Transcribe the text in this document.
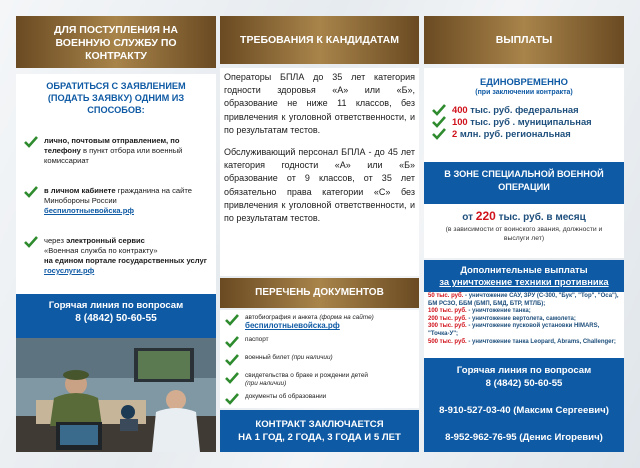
ДЛЯ ПОСТУПЛЕНИЯ НА ВОЕННУЮ СЛУЖБУ ПО КОНТРАКТУ
ОБРАТИТЬСЯ С ЗАЯВЛЕНИЕМ (ПОДАТЬ ЗАЯВКУ) ОДНИМ ИЗ СПОСОБОВ:
лично, почтовым отправлением, по телефону в пункт отбора или военный комиссариат
в личном кабинете гражданина на сайте Минобороны России
беспилотныевойска.рф
через электронный сервис
«Военная служба по контракту»
на едином портале государственных услуг госуслуги.рф
Горячая линия по вопросам
8 (4842) 50-60-55
ТРЕБОВАНИЯ К КАНДИДАТАМ

Операторы БПЛА до 35 лет категория годности здоровья «А» или «Б», образование не ниже 11 классов, без привлечения к уголовной ответственности, и по результатам тестов.

Обслуживающий персонал БПЛА - до 45 лет категория годности «А» или «Б» образование от 9 классов, от 35 лет обязательно права категории «С» без привлечения к уголовной ответственности, и по результатам тестов.

ПЕРЕЧЕНЬ ДОКУМЕНТОВ
автобиография и анкета (форма на сайте)
беспилотныевойска.рф
паспорт
военный билет (при наличии)
свидетельства о браке и рождении детей
(при наличии)
документы об образовании
КОНТРАКТ ЗАКЛЮЧАЕТСЯ
НА 1 ГОД, 2 ГОДА, 3 ГОДА И 5 ЛЕТ
ВЫПЛАТЫ
ЕДИНОВРЕМЕННО
(при заключении контракта)
400 тыс. руб. федеральная
100 тыс. руб . муниципальная
2 млн. руб. региональная
В ЗОНЕ СПЕЦИАЛЬНОЙ ВОЕННОЙ ОПЕРАЦИИ
от 220 тыс. руб. в месяц
(в зависимости от воинского звания, должности и выслуги лет)
Дополнительные выплаты
за уничтожение техники противника
50 тыс. руб. - уничтожение САУ, ЗРУ (С-300, "Бук", "Тор", "Оса"), БМ РСЗО, ББМ (БМП, БМД, БТР, МТЛБ);
100 тыс. руб. - уничтожение танка;
200 тыс. руб. - уничтожение вертолета, самолета;
300 тыс. руб. - уничтожение пусковой установки HIMARS, "Точка-У";
500 тыс. руб. - уничтожение танка Leopard, Abrams, Challenger;
Горячая линия по вопросам
8 (4842) 50-60-55
8-910-527-03-40 (Максим Сергеевич)
8-952-962-76-95 (Денис Игоревич)
